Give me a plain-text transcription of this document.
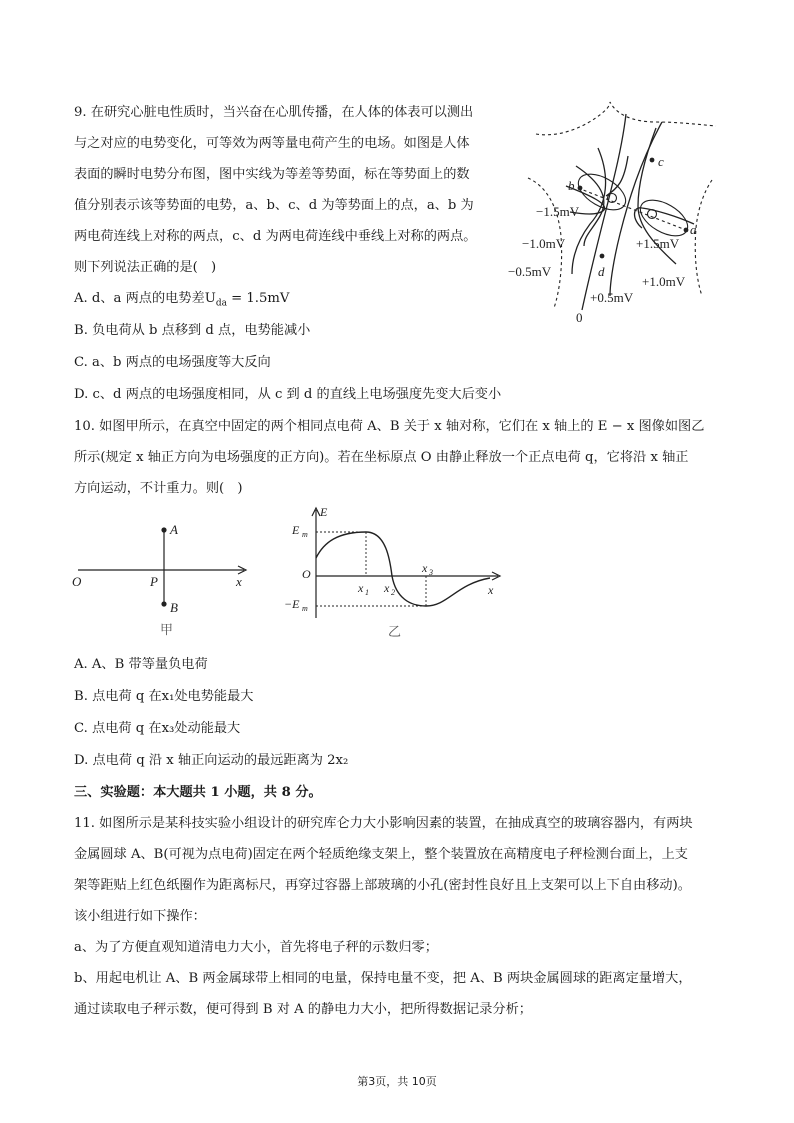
9. 在研究心脏电性质时，当兴奋在心肌传播，在人体的体表可以测出
与之对应的电势变化，可等效为两等量电荷产生的电场。如图是人体
表面的瞬时电势分布图，图中实线为等差等势面，标在等势面上的数
值分别表示该等势面的电势，a、b、c、d 为等势面上的点，a、b 为
两电荷连线上对称的两点，c、d 为两电荷连线中垂线上对称的两点。
则下列说法正确的是(　)
A. d、a 两点的电势差$U_{da} = 1.5mV$
B. 负电荷从 b 点移到 d 点，电势能减小
C. a、b 两点的电场强度等大反向
D. c、d 两点的电场强度相同，从 c 到 d 的直线上电场强度先变大后变小
b
c
a
d
0
−1.5mV
−1.0mV
−0.5mV
+1.5mV
+1.0mV
+0.5mV
10. 如图甲所示，在真空中固定的两个相同点电荷 A、B 关于 x 轴对称，它们在 x 轴上的 E − x 图像如图乙
所示(规定 x 轴正方向为电场强度的正方向)。若在坐标原点 O 由静止释放一个正点电荷 q，它将沿 x 轴正
方向运动，不计重力。则(　)
A
O	P	x
B
甲
E
E m
O
x 1 x 2
x 3
x
−E m
乙
A. A、B 带等量负电荷
B. 点电荷 q 在x₁处电势能最大
C. 点电荷 q 在x₃处动能最大
D. 点电荷 q 沿 x 轴正向运动的最远距离为 2x₂
三、实验题：本大题共 1 小题，共 8 分。
11. 如图所示是某科技实验小组设计的研究库仑力大小影响因素的装置，在抽成真空的玻璃容器内，有两块
金属圆球 A、B(可视为点电荷)固定在两个轻质绝缘支架上，整个装置放在高精度电子秤检测台面上，上支
架等距贴上红色纸圈作为距离标尺，再穿过容器上部玻璃的小孔(密封性良好且上支架可以上下自由移动)。
该小组进行如下操作：
a、为了方便直观知道清电力大小，首先将电子秤的示数归零；
b、用起电机让 A、B 两金属球带上相同的电量，保持电量不变，把 A、B 两块金属圆球的距离定量增大，
通过读取电子秤示数，便可得到 B 对 A 的静电力大小，把所得数据记录分析；
第3页，共 10页
